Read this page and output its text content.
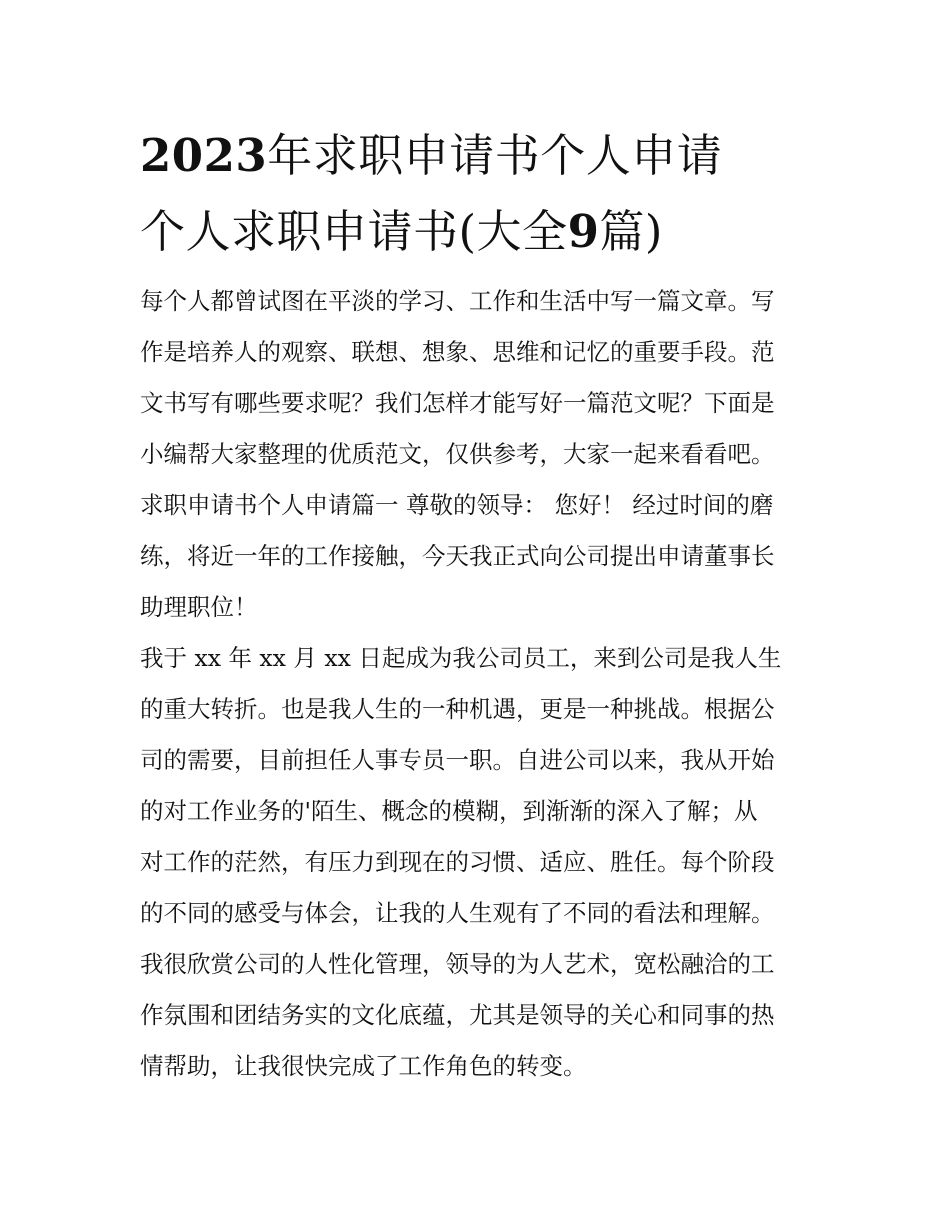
2023年求职申请书个人申请
个人求职申请书(大全9篇)

每个人都曾试图在平淡的学习、工作和生活中写一篇文章。写
作是培养人的观察、联想、想象、思维和记忆的重要手段。范
文书写有哪些要求呢？我们怎样才能写好一篇范文呢？下面是
小编帮大家整理的优质范文，仅供参考，大家一起来看看吧。
求职申请书个人申请篇一 尊敬的领导： 您好！ 经过时间的磨
练，将近一年的工作接触，今天我正式向公司提出申请董事长
助理职位！

我于 xx 年 xx 月 xx 日起成为我公司员工，来到公司是我人生
的重大转折。也是我人生的一种机遇，更是一种挑战。根据公
司的需要，目前担任人事专员一职。自进公司以来，我从开始
的对工作业务的'陌生、概念的模糊，到渐渐的深入了解；从
对工作的茫然，有压力到现在的习惯、适应、胜任。每个阶段
的不同的感受与体会，让我的人生观有了不同的看法和理解。
我很欣赏公司的人性化管理，领导的为人艺术，宽松融洽的工
作氛围和团结务实的文化底蕴，尤其是领导的关心和同事的热
情帮助，让我很快完成了工作角色的转变。
